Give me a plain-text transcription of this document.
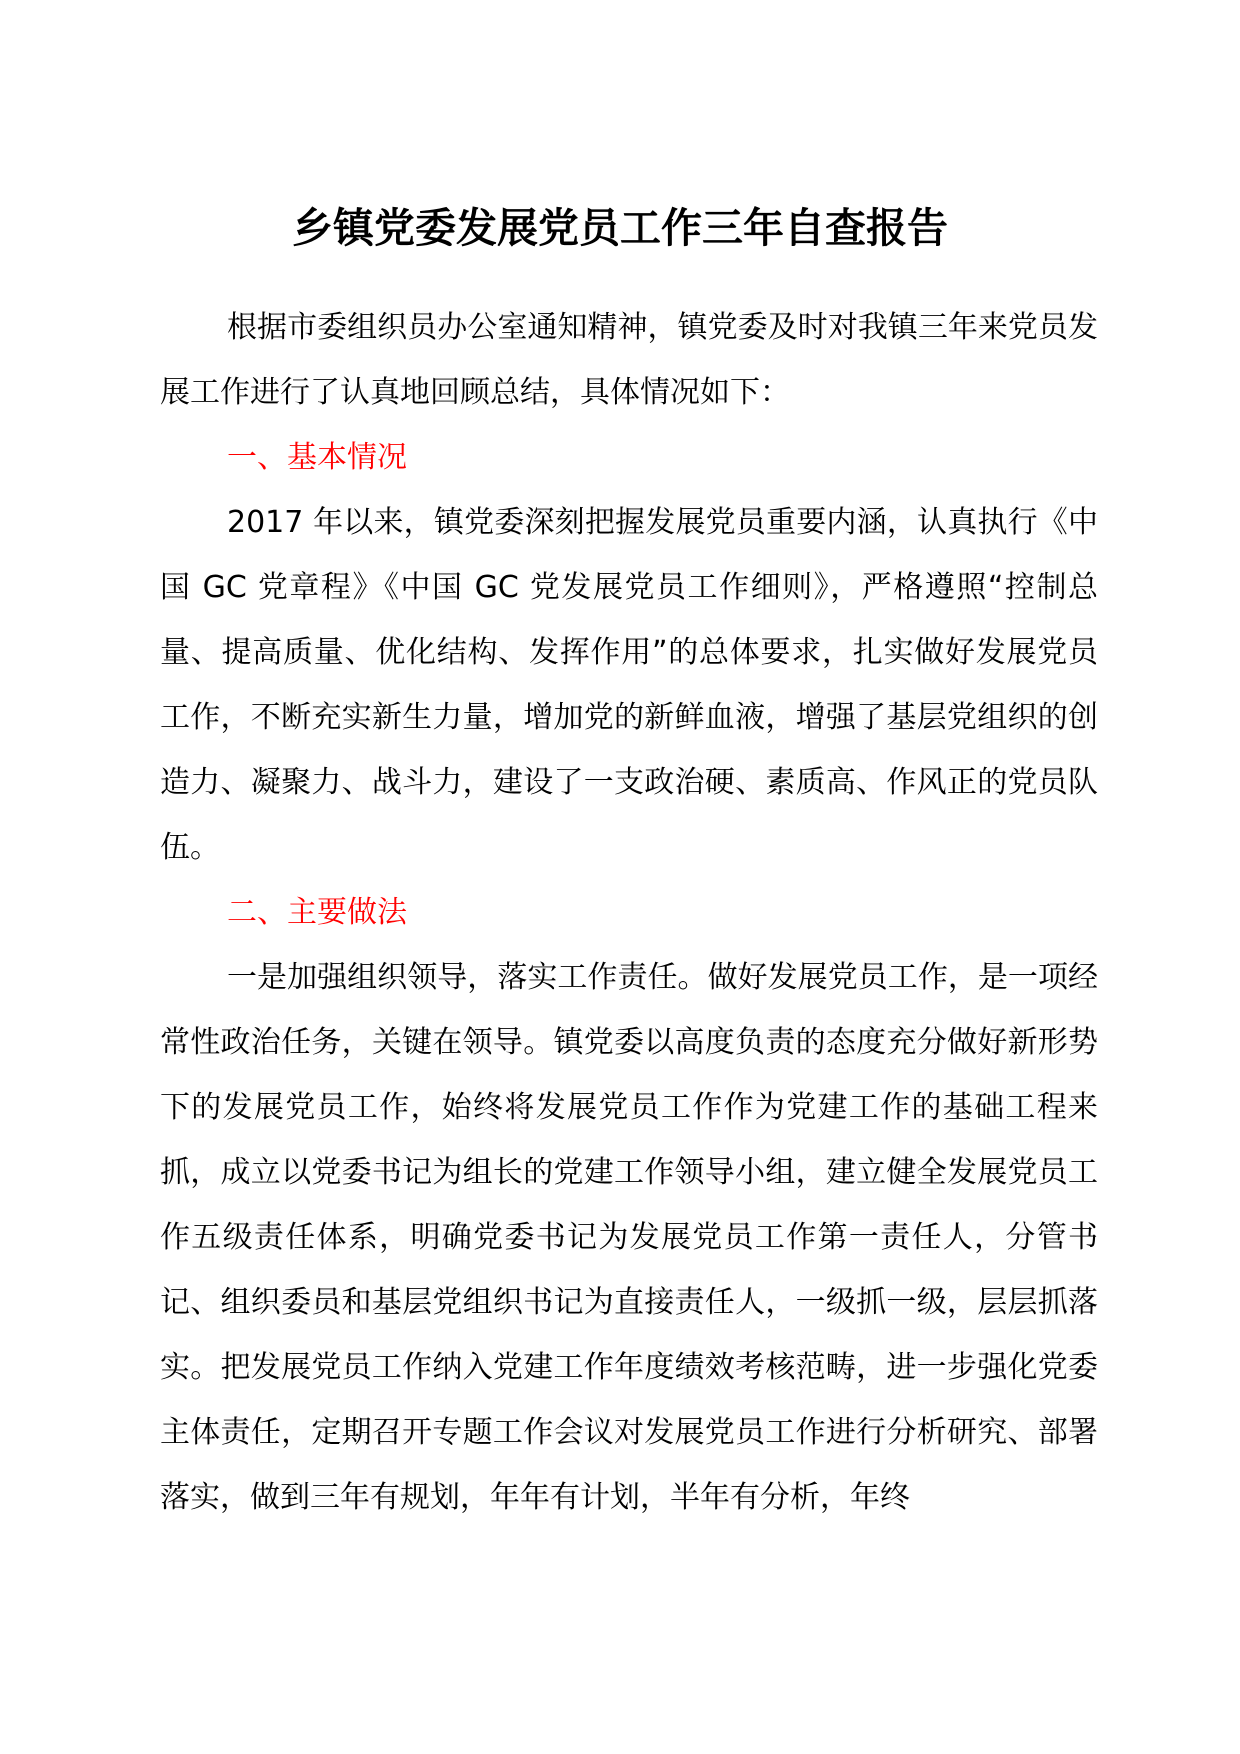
乡镇党委发展党员工作三年自查报告

根据市委组织员办公室通知精神，镇党委及时对我镇三年来党员发展工作进行了认真地回顾总结，具体情况如下：

一、基本情况

2017 年以来，镇党委深刻把握发展党员重要内涵，认真执行《中国 GC 党章程》《中国 GC 党发展党员工作细则》，严格遵照“控制总量、提高质量、优化结构、发挥作用”的总体要求，扎实做好发展党员工作，不断充实新生力量，增加党的新鲜血液，增强了基层党组织的创造力、凝聚力、战斗力，建设了一支政治硬、素质高、作风正的党员队伍。

二、主要做法

一是加强组织领导，落实工作责任。做好发展党员工作，是一项经常性政治任务，关键在领导。镇党委以高度负责的态度充分做好新形势下的发展党员工作，始终将发展党员工作作为党建工作的基础工程来抓，成立以党委书记为组长的党建工作领导小组，建立健全发展党员工作五级责任体系，明确党委书记为发展党员工作第一责任人，分管书记、组织委员和基层党组织书记为直接责任人，一级抓一级，层层抓落实。把发展党员工作纳入党建工作年度绩效考核范畴，进一步强化党委主体责任，定期召开专题工作会议对发展党员工作进行分析研究、部署落实，做到三年有规划，年年有计划，半年有分析，年终
